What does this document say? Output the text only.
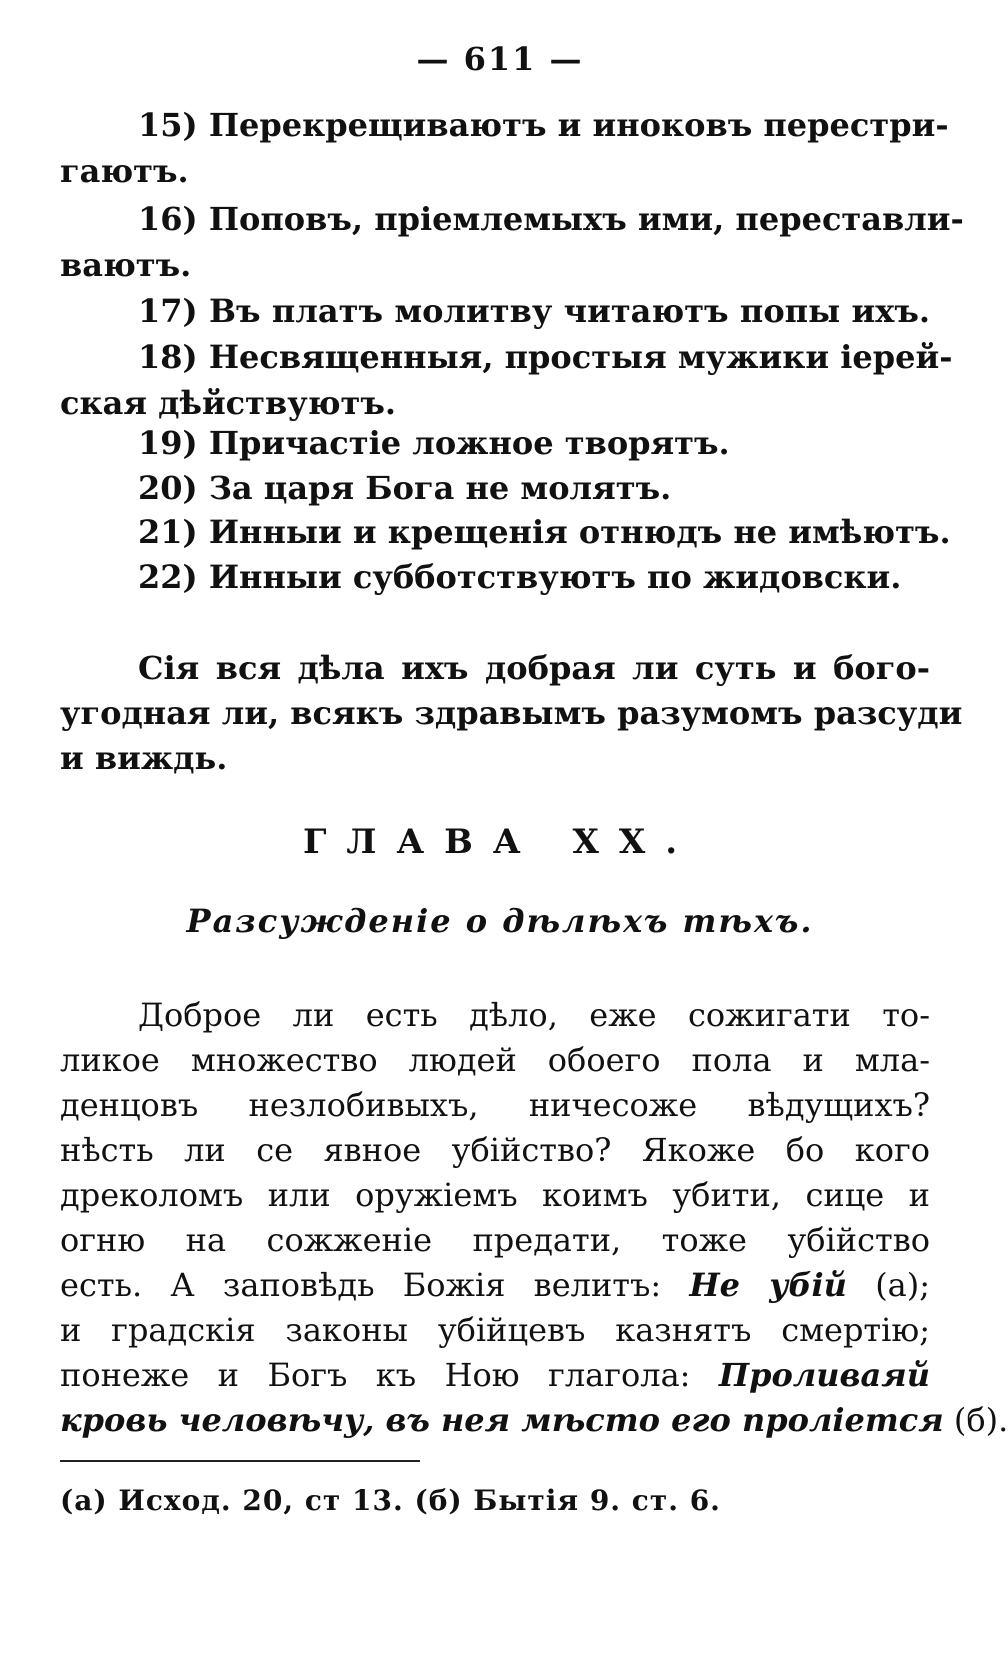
— 611 —
15) Перекрещиваютъ и иноковъ перестри-
гаютъ.
16) Поповъ, пріемлемыхъ ими, переставли-
ваютъ.
17) Въ платъ молитву читаютъ попы ихъ.
18) Несвященныя, простыя мужики іерей-
ская дѣйствуютъ.
19) Причастіе ложное творятъ.
20) За царя Бога не молятъ.
21) Инныи и крещенія отнюдъ не имѣютъ.
22) Инныи субботствуютъ по жидовски.
Сія вся дѣла ихъ добрая ли суть и бого-
угодная ли, всякъ здравымъ разумомъ разсуди
и виждь.
ГЛАВА XX.
Разсужденіе о дѣлѣхъ тѣхъ.
Доброе ли есть дѣло, еже сожигати то-
ликое множество людей обоего пола и мла-
денцовъ незлобивыхъ, ничесоже вѣдущихъ?
нѣсть ли се явное убійство? Якоже бо кого
дреколомъ или оружіемъ коимъ убити, сице и
огню на сожженіе предати, тоже убійство
есть. А заповѣдь Божія велитъ: Не убій (а);
и градскія законы убійцевъ казнятъ смертію;
понеже и Богъ къ Ною глагола: Проливаяй
кровь человѣчу, въ нея мѣсто его проліется (б).
(а) Исход. 20, ст 13. (б) Бытія 9. ст. 6.
